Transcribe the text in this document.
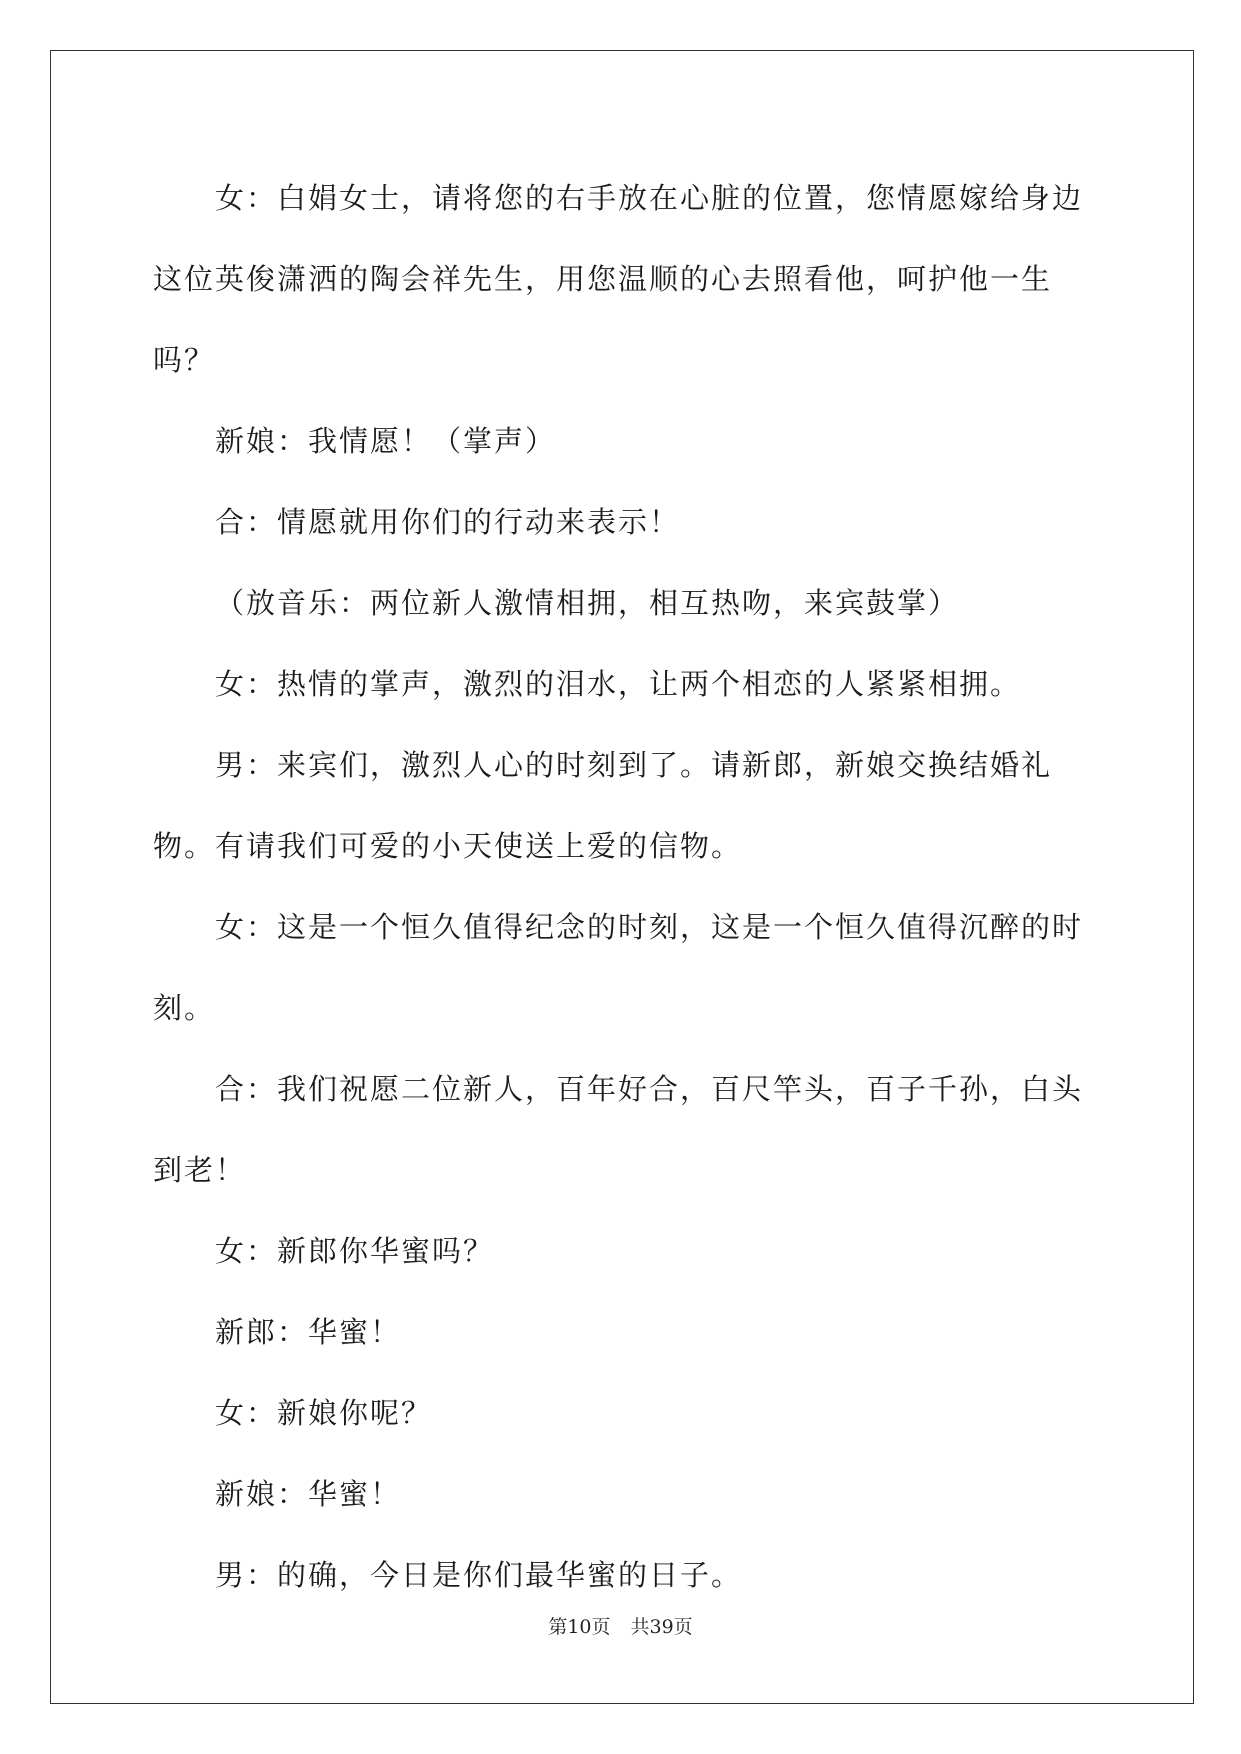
女：白娟女士，请将您的右手放在心脏的位置，您情愿嫁给身边这位英俊潇洒的陶会祥先生，用您温顺的心去照看他，呵护他一生吗？

新娘：我情愿！（掌声）

合：情愿就用你们的行动来表示！

（放音乐：两位新人激情相拥，相互热吻，来宾鼓掌）

女：热情的掌声，激烈的泪水，让两个相恋的人紧紧相拥。

男：来宾们，激烈人心的时刻到了。请新郎，新娘交换结婚礼物。有请我们可爱的小天使送上爱的信物。

女：这是一个恒久值得纪念的时刻，这是一个恒久值得沉醉的时刻。

合：我们祝愿二位新人，百年好合，百尺竿头，百子千孙，白头到老！

女：新郎你华蜜吗？

新郎：华蜜！

女：新娘你呢？

新娘：华蜜！

男：的确，今日是你们最华蜜的日子。

第10页 共39页
